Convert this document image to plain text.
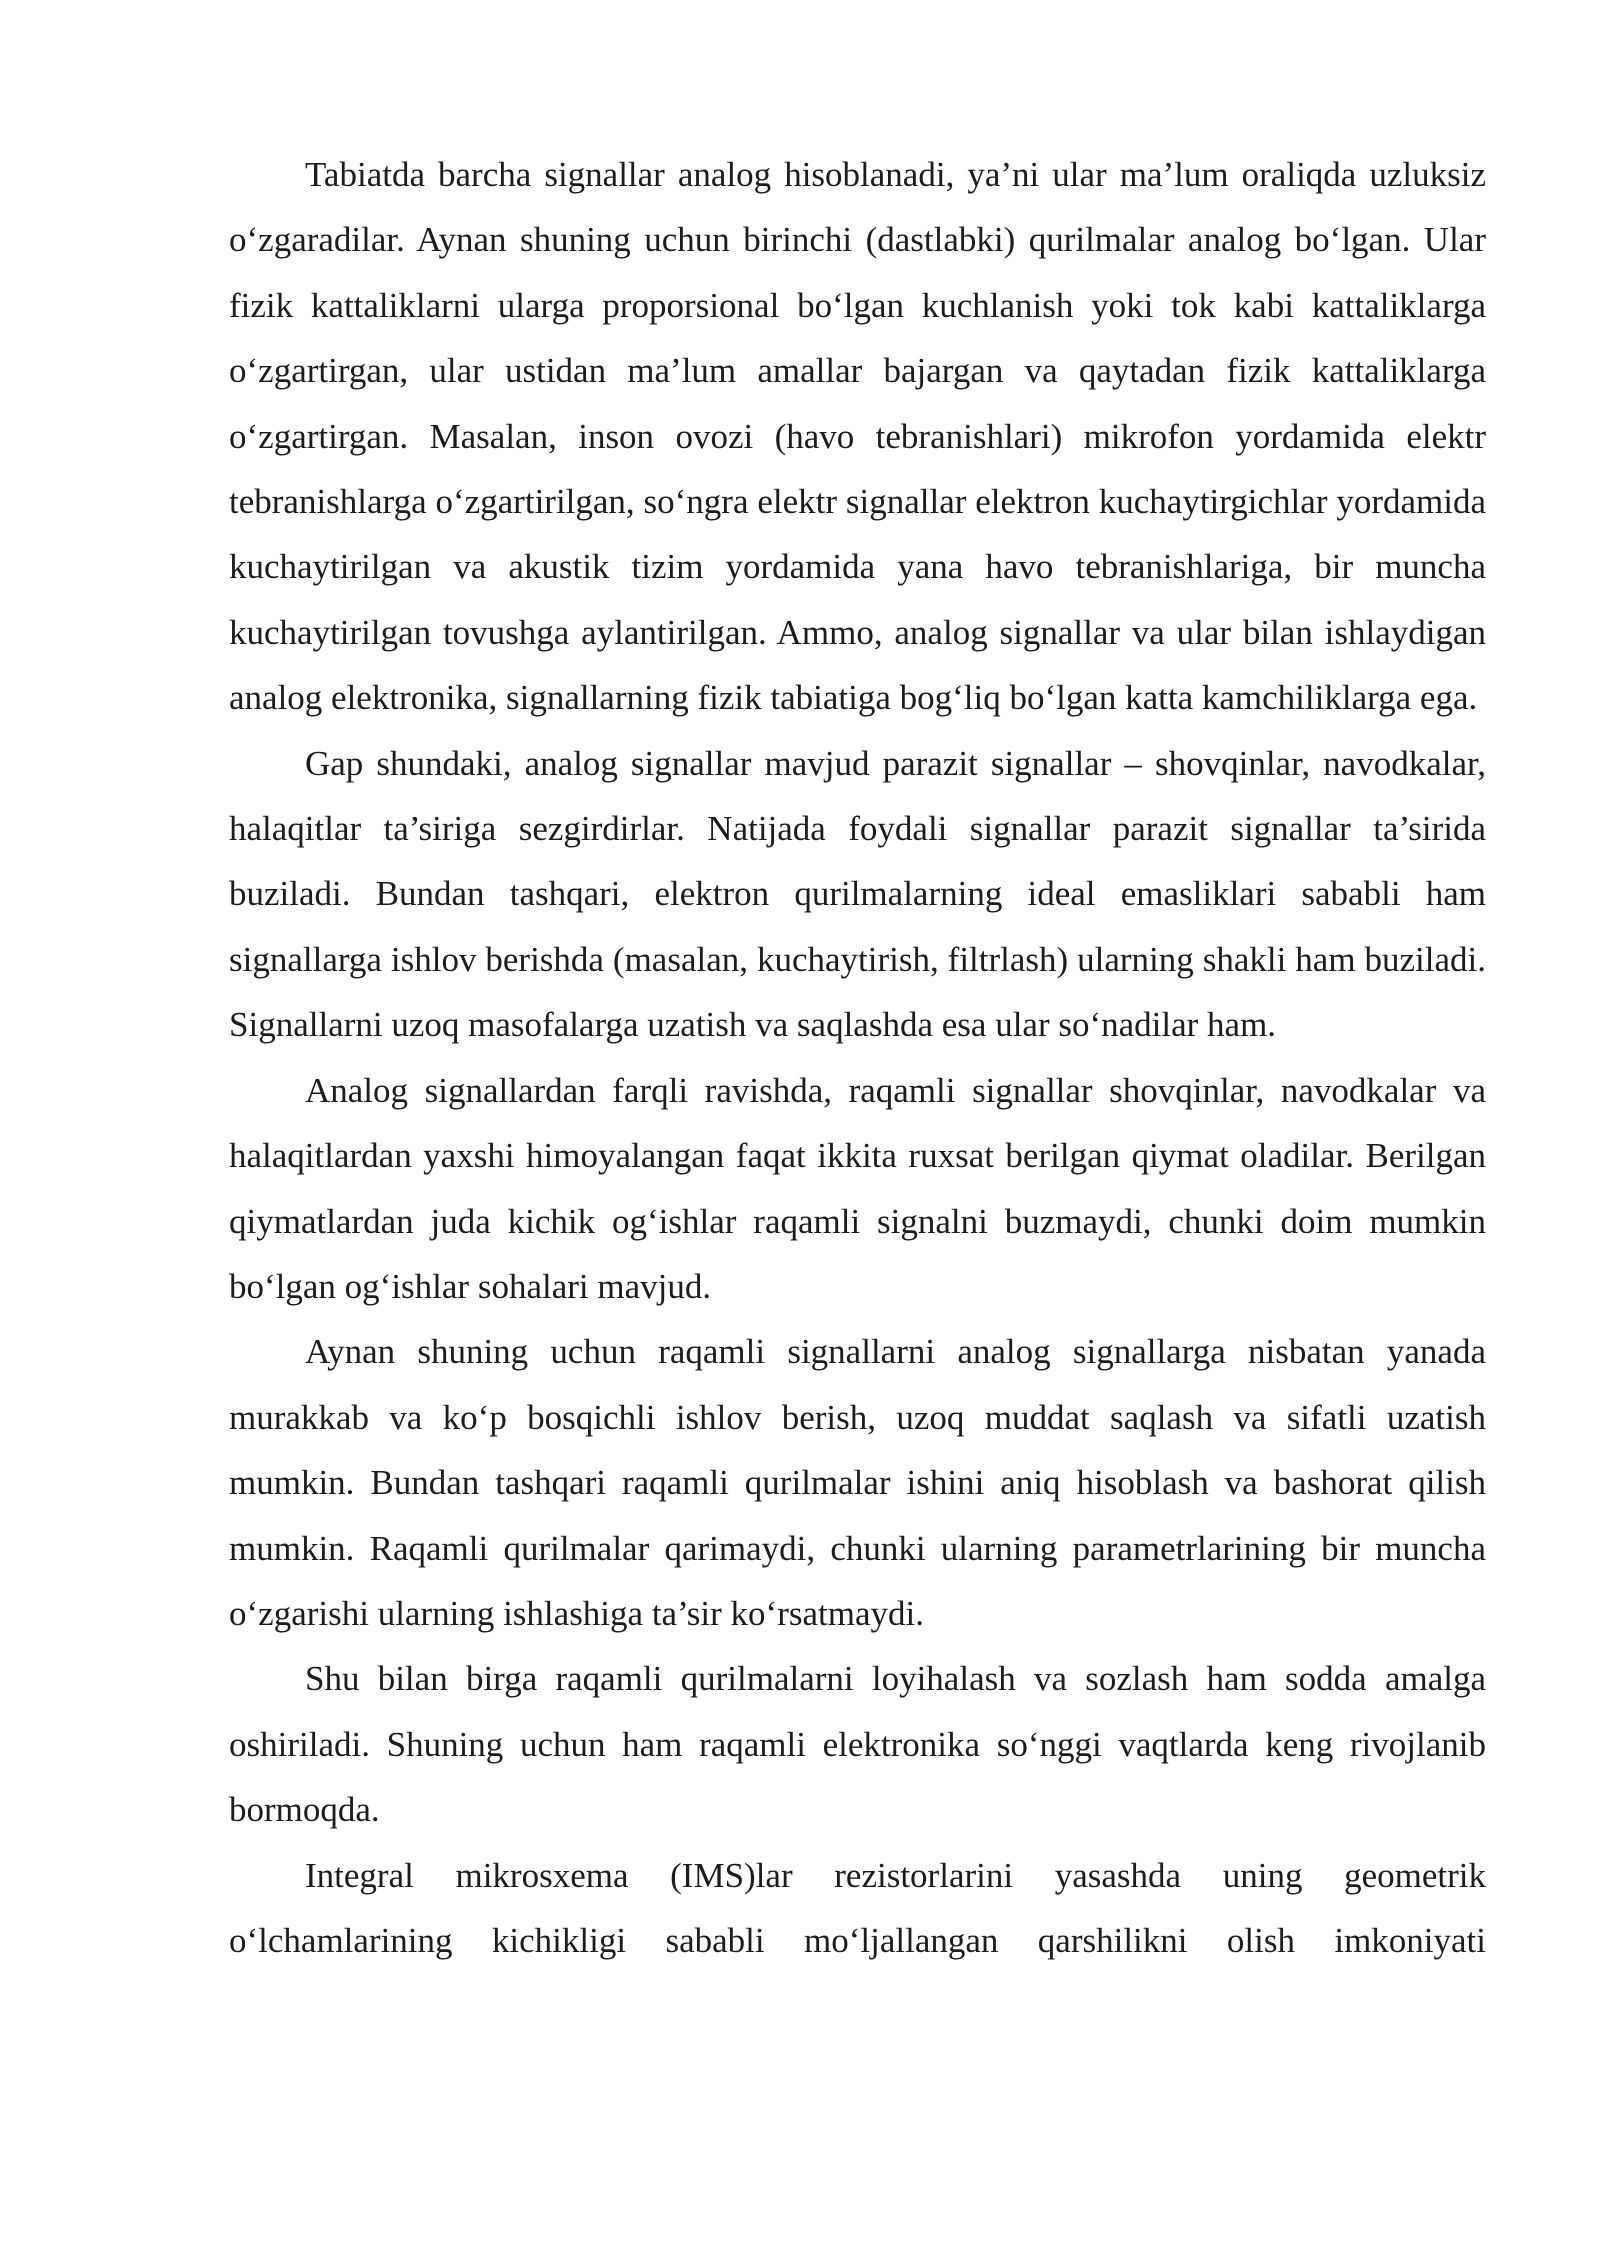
Tabiatda barcha signallar analog hisoblanadi, ya’ni ular ma’lum oraliqda uzluksiz o‘zgaradilar. Aynan shuning uchun birinchi (dastlabki) qurilmalar analog bo‘lgan. Ular fizik kattaliklarni ularga proporsional bo‘lgan kuchlanish yoki tok kabi kattaliklarga o‘zgartirgan, ular ustidan ma’lum amallar bajargan va qaytadan fizik kattaliklarga o‘zgartirgan. Masalan, inson ovozi (havo tebranishlari) mikrofon yordamida elektr tebranishlarga o‘zgartirilgan, so‘ngra elektr signallar elektron kuchaytirgichlar yordamida kuchaytirilgan va akustik tizim yordamida yana havo tebranishlariga, bir muncha kuchaytirilgan tovushga aylantirilgan. Ammo, analog signallar va ular bilan ishlaydigan analog elektronika, signallarning fizik tabiatiga bog‘liq bo‘lgan katta kamchiliklarga ega.

Gap shundaki, analog signallar mavjud parazit signallar – shovqinlar, navodkalar, halaqitlar ta’siriga sezgirdirlar. Natijada foydali signallar parazit signallar ta’sirida buziladi. Bundan tashqari, elektron qurilmalarning ideal emasliklari sababli ham signallarga ishlov berishda (masalan, kuchaytirish, filtrlash) ularning shakli ham buziladi. Signallarni uzoq masofalarga uzatish va saqlashda esa ular so‘nadilar ham.

Analog signallardan farqli ravishda, raqamli signallar shovqinlar, navodkalar va halaqitlardan yaxshi himoyalangan faqat ikkita ruxsat berilgan qiymat oladilar. Berilgan qiymatlardan juda kichik og‘ishlar raqamli signalni buzmaydi, chunki doim mumkin bo‘lgan og‘ishlar sohalari mavjud.

Aynan shuning uchun raqamli signallarni analog signallarga nisbatan yanada murakkab va ko‘p bosqichli ishlov berish, uzoq muddat saqlash va sifatli uzatish mumkin. Bundan tashqari raqamli qurilmalar ishini aniq hisoblash va bashorat qilish mumkin. Raqamli qurilmalar qarimaydi, chunki ularning parametrlarining bir muncha o‘zgarishi ularning ishlashiga ta’sir ko‘rsatmaydi.

Shu bilan birga raqamli qurilmalarni loyihalash va sozlash ham sodda amalga oshiriladi. Shuning uchun ham raqamli elektronika so‘nggi vaqtlarda keng rivojlanib bormoqda.

Integral mikrosxema (IMS)lar rezistorlarini yasashda uning geometrik o‘lchamlarining kichikligi sababli mo‘ljallangan qarshilikni olish imkoniyati
